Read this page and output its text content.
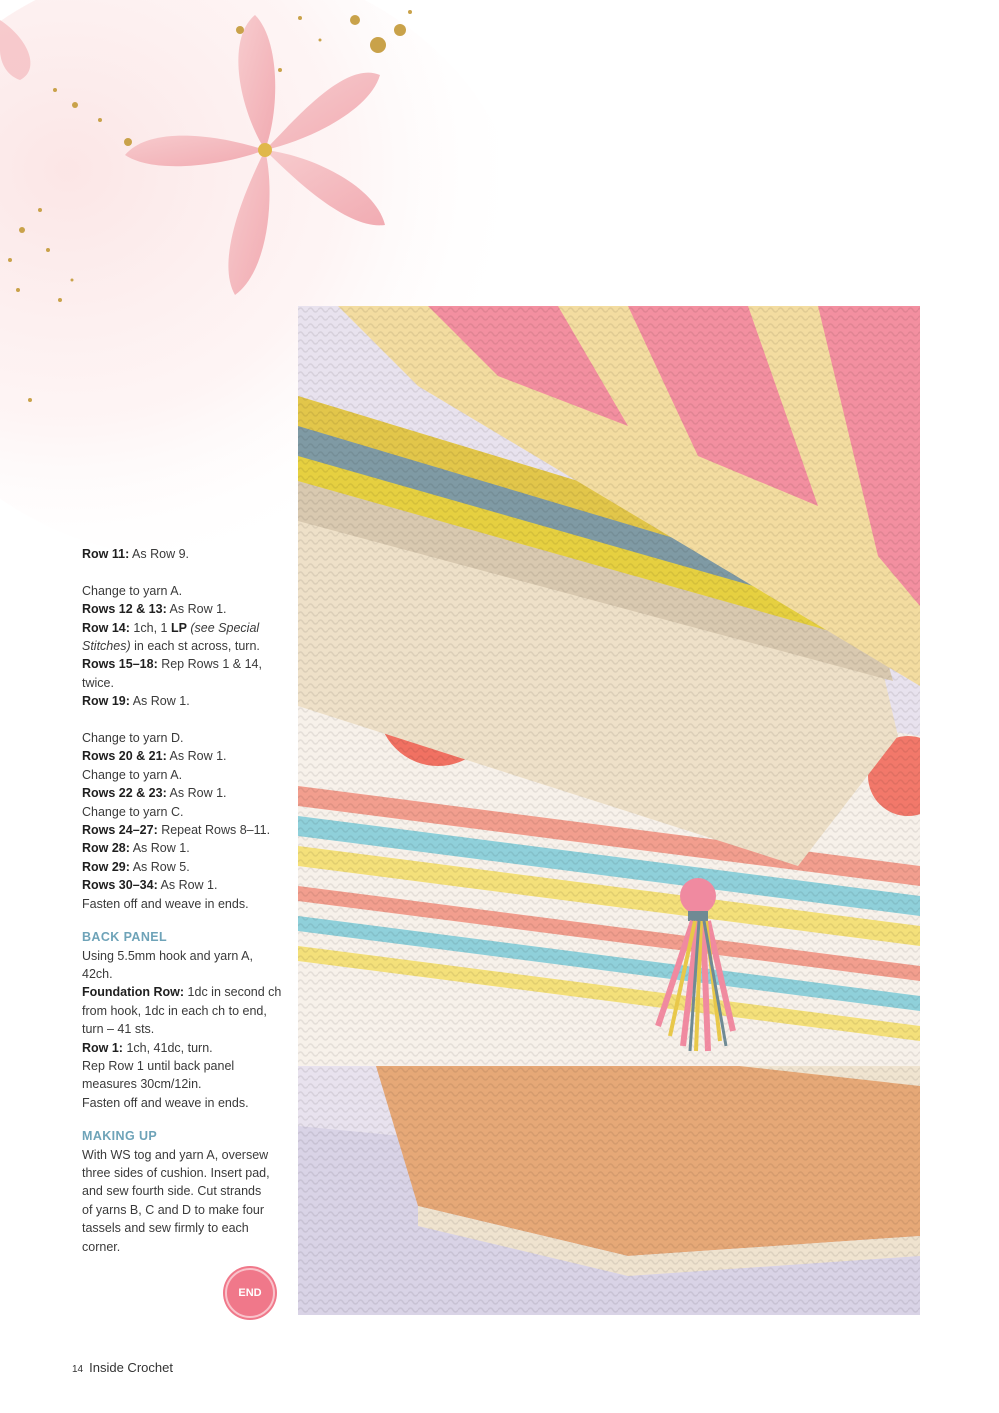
Row 11: As Row 9.

Change to yarn A.

Rows 12 & 13: As Row 1.

Row 14: 1ch, 1 LP (see Special Stitches) in each st across, turn.

Rows 15–18: Rep Rows 1 & 14, twice.

Row 19: As Row 1.

Change to yarn D.

Rows 20 & 21: As Row 1.

Change to yarn A.

Rows 22 & 23: As Row 1.

Change to yarn C.

Rows 24–27: Repeat Rows 8–11.

Row 28: As Row 1.

Row 29: As Row 5.

Rows 30–34: As Row 1.

Fasten off and weave in ends.

BACK PANEL

Using 5.5mm hook and yarn A, 42ch.

Foundation Row: 1dc in second ch from hook, 1dc in each ch to end, turn – 41 sts.

Row 1: 1ch, 41dc, turn.

Rep Row 1 until back panel measures 30cm/12in.

Fasten off and weave in ends.

MAKING UP

With WS tog and yarn A, oversew three sides of cushion. Insert pad, and sew fourth side. Cut strands of yarns B, C and D to make four tassels and sew firmly to each corner.

END
14 Inside Crochet
